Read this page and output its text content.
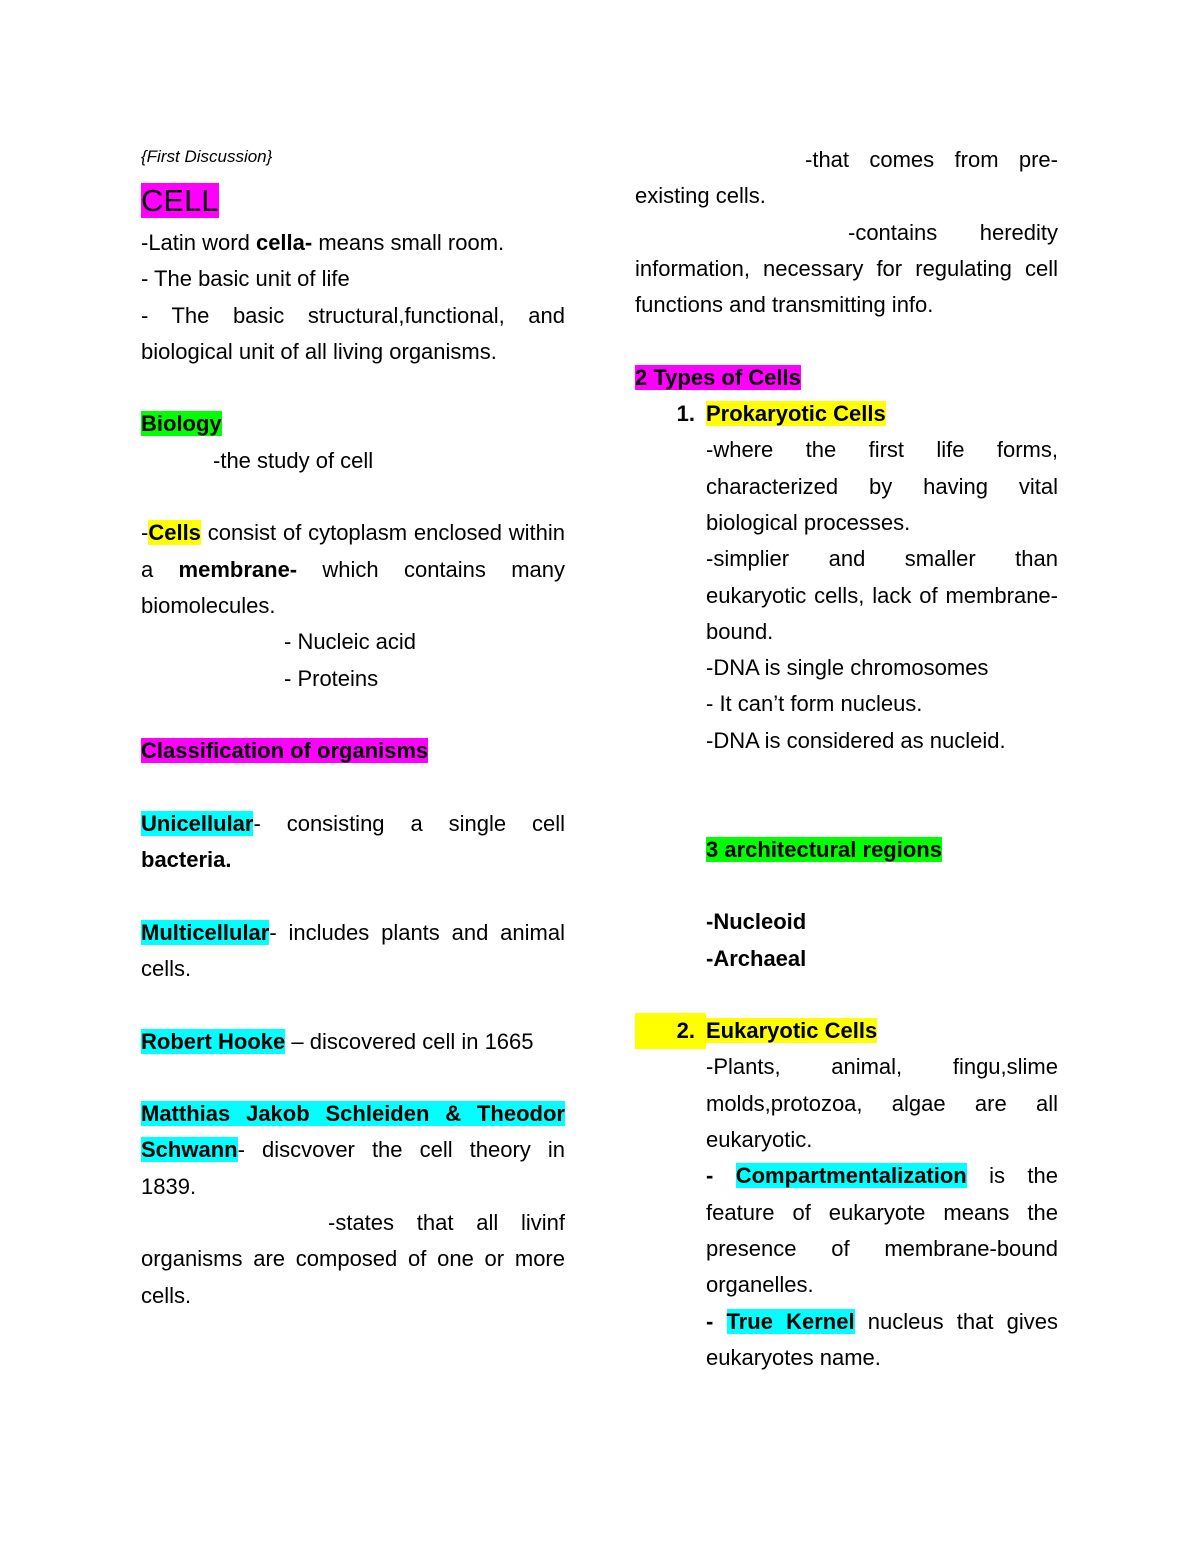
{First Discussion}

CELL

-Latin word cella- means small room.

- The basic unit of life

- The basic structural,functional, and biological unit of all living organisms.

Biology

-the study of cell

-Cells consist of cytoplasm enclosed within a membrane- which contains many biomolecules.

- Nucleic acid

- Proteins

Classification of organisms

Unicellular- consisting a single cell bacteria.

Multicellular- includes plants and animal cells.

Robert Hooke – discovered cell in 1665

Matthias Jakob Schleiden & Theodor Schwann- discvover the cell theory in 1839.

-states that all livinf organisms are composed of one or more cells.

-that comes from pre-existing cells.

-contains heredity information, necessary for regulating cell functions and transmitting info.

2 Types of Cells

1. Prokaryotic Cells

-where the first life forms, characterized by having vital biological processes.

-simplier and smaller than eukaryotic cells, lack of membrane-bound.

-DNA is single chromosomes

- It can’t form nucleus.

-DNA is considered as nucleid.

3 architectural regions

-Nucleoid

-Archaeal

2. Eukaryotic Cells

-Plants, animal, fingu,slime molds,protozoa, algae are all eukaryotic.

- Compartmentalization is the feature of eukaryote means the presence of membrane-bound organelles.

- True Kernel nucleus that gives eukaryotes name.
